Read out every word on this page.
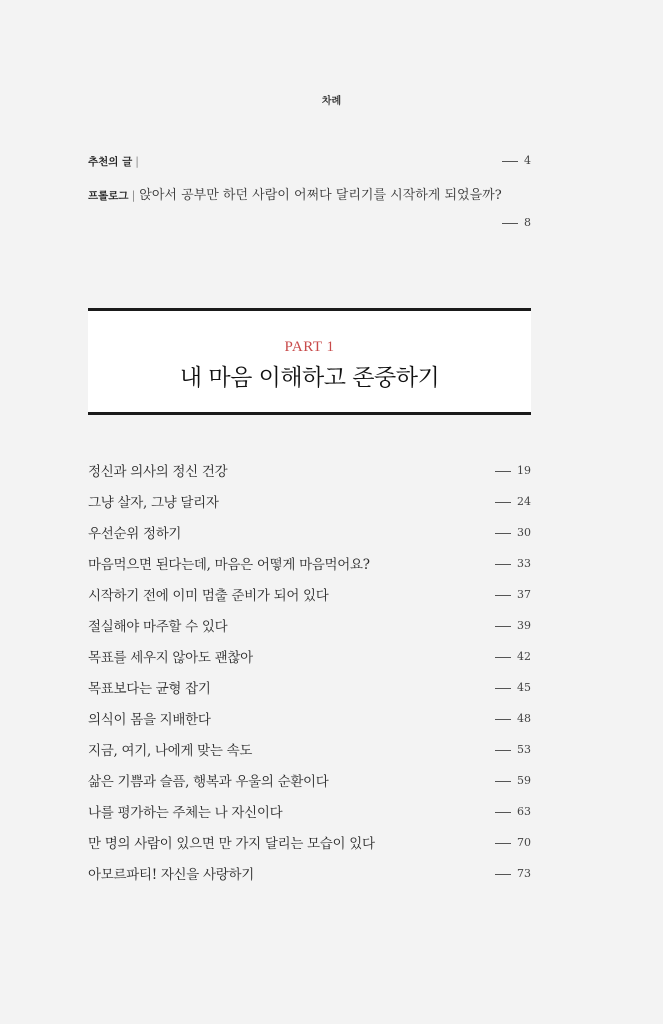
차례
추천의 글 |	4
프롤로그 | 앉아서 공부만 하던 사람이 어쩌다 달리기를 시작하게 되었을까?
8
PART 1
내 마음 이해하고 존중하기
정신과 의사의 정신 건강	19
그냥 살자, 그냥 달리자	24
우선순위 정하기	30
마음먹으면 된다는데, 마음은 어떻게 마음먹어요?	33
시작하기 전에 이미 멈출 준비가 되어 있다	37
절실해야 마주할 수 있다	39
목표를 세우지 않아도 괜찮아	42
목표보다는 균형 잡기	45
의식이 몸을 지배한다	48
지금, 여기, 나에게 맞는 속도	53
삶은 기쁨과 슬픔, 행복과 우울의 순환이다	59
나를 평가하는 주체는 나 자신이다	63
만 명의 사람이 있으면 만 가지 달리는 모습이 있다	70
아모르파티! 자신을 사랑하기	73
